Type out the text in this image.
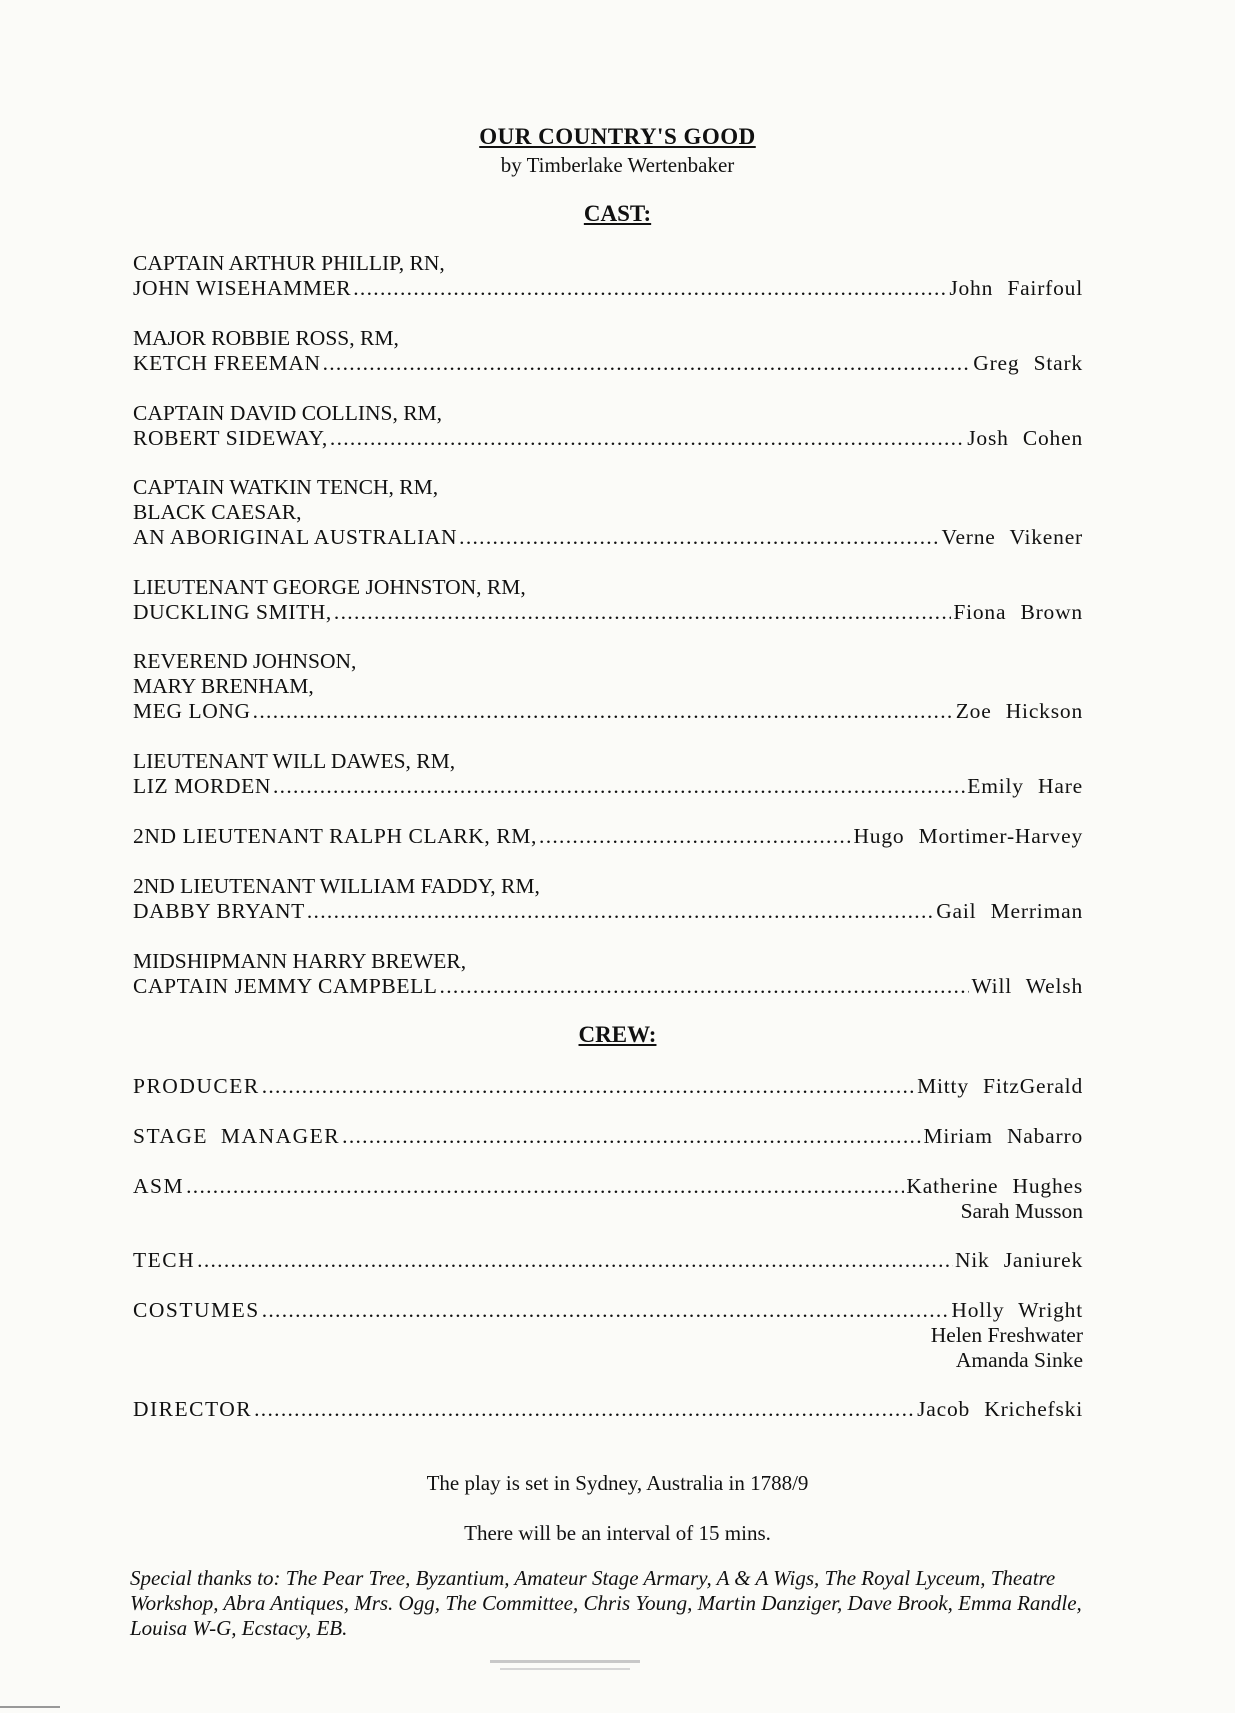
OUR COUNTRY'S GOOD
by Timberlake Wertenbaker
CAST:
CAPTAIN ARTHUR PHILLIP, RN,
JOHN WISEHAMMER .....	John Fairfoul
MAJOR ROBBIE ROSS, RM,
KETCH FREEMAN .....	Greg Stark
CAPTAIN DAVID COLLINS, RM,
ROBERT SIDEWAY, .....	Josh Cohen
CAPTAIN WATKIN TENCH, RM,
BLACK CAESAR,
AN ABORIGINAL AUSTRALIAN .....	Verne Vikener
LIEUTENANT GEORGE JOHNSTON, RM,
DUCKLING SMITH, .....	Fiona Brown
REVEREND JOHNSON,
MARY BRENHAM,
MEG LONG .....	Zoe Hickson
LIEUTENANT WILL DAWES, RM,
LIZ MORDEN .....	Emily Hare
2ND LIEUTENANT RALPH CLARK, RM, .....	Hugo Mortimer-Harvey
2ND LIEUTENANT WILLIAM FADDY, RM,
DABBY BRYANT .....	Gail Merriman
MIDSHIPMANN HARRY BREWER,
CAPTAIN JEMMY CAMPBELL .....	Will Welsh
CREW:
PRODUCER .....	Mitty FitzGerald
STAGE MANAGER .....	Miriam Nabarro
ASM .....	Katherine Hughes
Sarah Musson
TECH .....	Nik Janiurek
COSTUMES .....	Holly Wright
Helen Freshwater
Amanda Sinke
DIRECTOR .....	Jacob Krichefski
The play is set in Sydney, Australia in 1788/9
There will be an interval of 15 mins.
Special thanks to: The Pear Tree, Byzantium, Amateur Stage Armary, A & A Wigs, The Royal Lyceum, Theatre Workshop, Abra Antiques, Mrs. Ogg, The Committee, Chris Young, Martin Danziger, Dave Brook, Emma Randle, Louisa W-G, Ecstacy, EB.
